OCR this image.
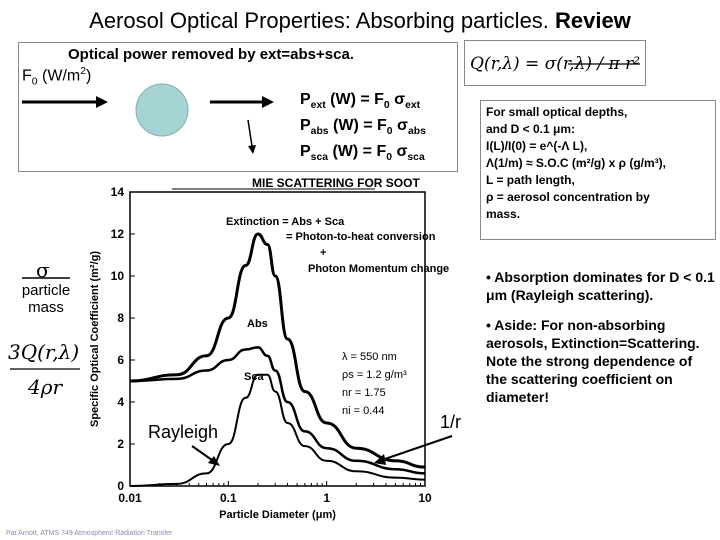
Aerosol Optical Properties: Absorbing particles. Review
Optical power removed by ext=abs+sca.
$F_0$ $(W/m^2)$
$P_{ext}$ $(W) = F_0$ $\sigma_{ext}$
$P_{abs}$ $(W) = F_0$ $\sigma_{abs}$
$P_{sca}$ $(W) = F_0$ $\sigma_{sca}$
Q(r,λ) = σ(r,λ) / π r²
For small optical depths,
and D < 0.1 μm:
I(L)/I(0) = e^(-Λ L),
Λ(1/m) ≈ S.O.C (m²/g) x ρ (g/m³),
L = path length,
ρ = aerosol concentration by
mass.
σ
particle mass
3Q(r,λ)
4ρr
MIE SCATTERING FOR SOOT
0
2
4
6
8
10
12
14
0.01	0.1	1	10
Particle Diameter (μm)
Specific Optical Coefficient (m²/g)
Extinction = Abs + Sca
= Photon-to-heat conversion
+
Photon Momentum change
Abs
Sca
λ = 550 nm
ρs = 1.2 g/m³
nr = 1.75
ni = 0.44
Rayleigh	1/r

• Absorption dominates for D < 0.1 μm (Rayleigh scattering).

• Aside: For non-absorbing aerosols, Extinction=Scattering. Note the strong dependence of the scattering coefficient on diameter!

Pat Arnott, ATMS 749 Atmospheric Radiation Transfer
